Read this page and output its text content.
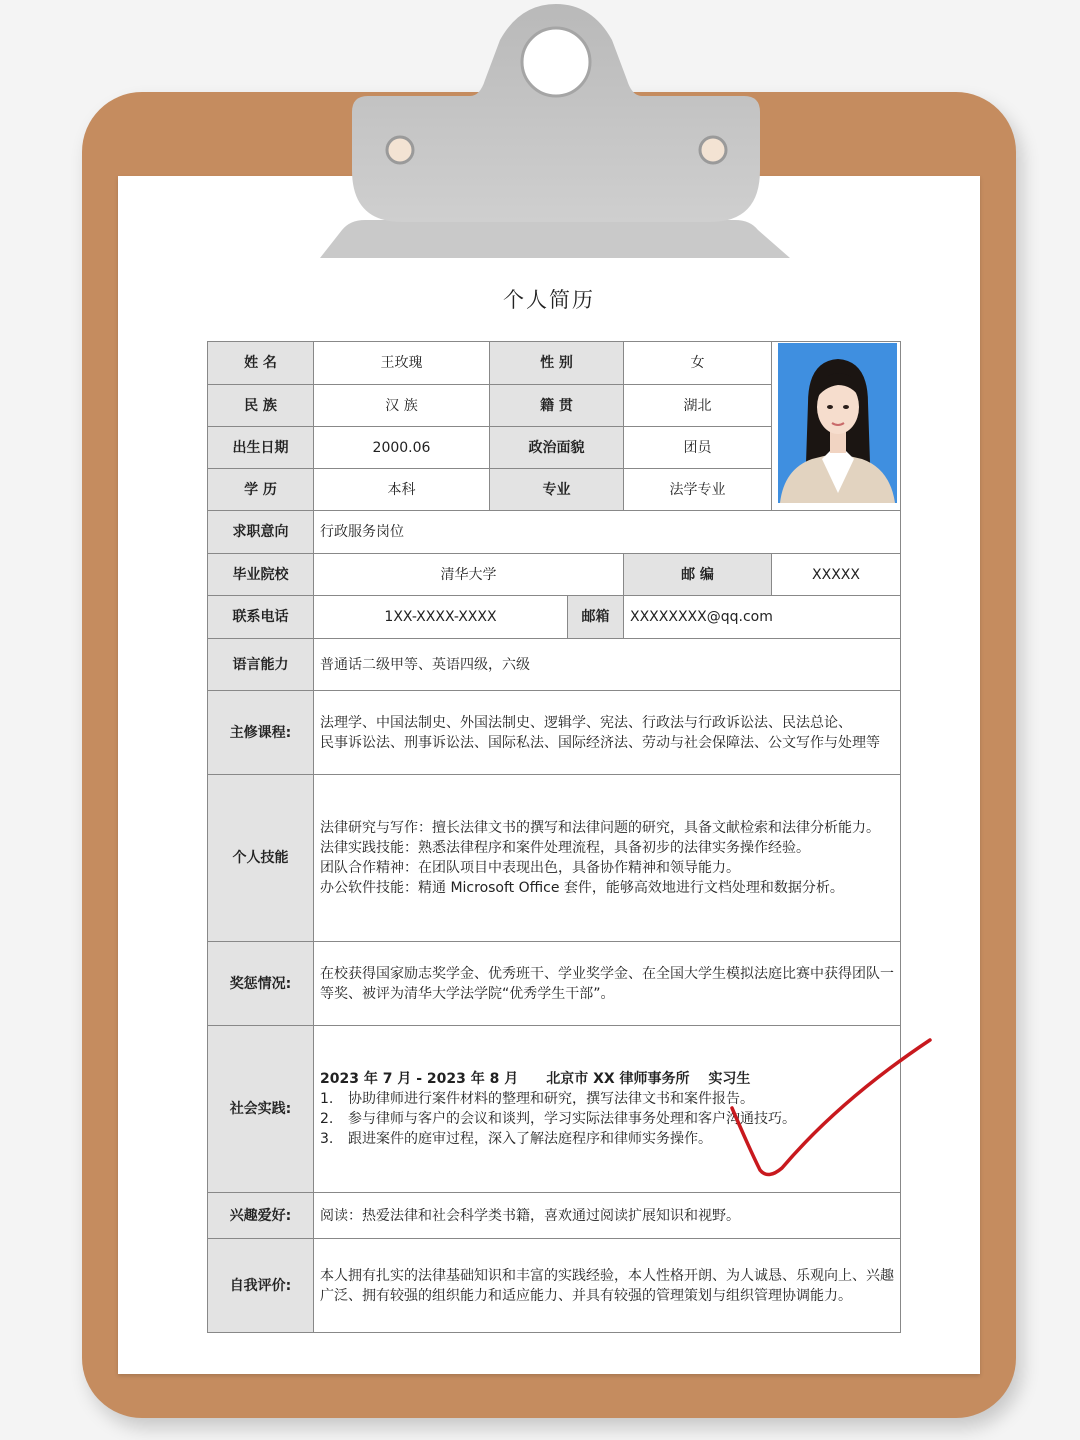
个人简历
姓 名	王玫瑰	性 别		女	
民 族	汉 族	籍 贯		湖北	
出生日期	2000.06	政治面貌		团员	
学 历	本科	专业		法学专业	
求职意向	行政服务岗位				
毕业院校	清华大学			邮 编	XXXXX
联系电话	1XX-XXXX-XXXX		邮箱	XXXXXXXX@qq.com	
语言能力	普通话二级甲等、英语四级，六级				
主修课程:	法理学、中国法制史、外国法制史、逻辑学、宪法、行政法与行政诉讼法、民法总论、
民事诉讼法、刑事诉讼法、国际私法、国际经济法、劳动与社会保障法、公文写作与处理等				

个人技能	法律研究与写作：擅长法律文书的撰写和法律问题的研究，具备文献检索和法律分析能力。
法律实践技能：熟悉法律程序和案件处理流程，具备初步的法律实务操作经验。
团队合作精神：在团队项目中表现出色，具备协作精神和领导能力。
办公软件技能：精通 Microsoft Office 套件，能够高效地进行文档处理和数据分析。				

奖惩情况:	在校获得国家励志奖学金、优秀班干、学业奖学金、在全国大学生模拟法庭比赛中获得团队一
等奖、被评为清华大学法学院“优秀学生干部”。				

社会实践:	2023 年 7 月 - 2023 年 8 月　　北京市 XX 律师事务所　 实习生
1. 协助律师进行案件材料的整理和研究，撰写法律文书和案件报告。
2. 参与律师与客户的会议和谈判，学习实际法律事务处理和客户沟通技巧。
3. 跟进案件的庭审过程，深入了解法庭程序和律师实务操作。				

兴趣爱好:	阅读：热爱法律和社会科学类书籍，喜欢通过阅读扩展知识和视野。				
自我评价:	本人拥有扎实的法律基础知识和丰富的实践经验，本人性格开朗、为人诚恳、乐观向上、兴趣
广泛、拥有较强的组织能力和适应能力、并具有较强的管理策划与组织管理协调能力。				
